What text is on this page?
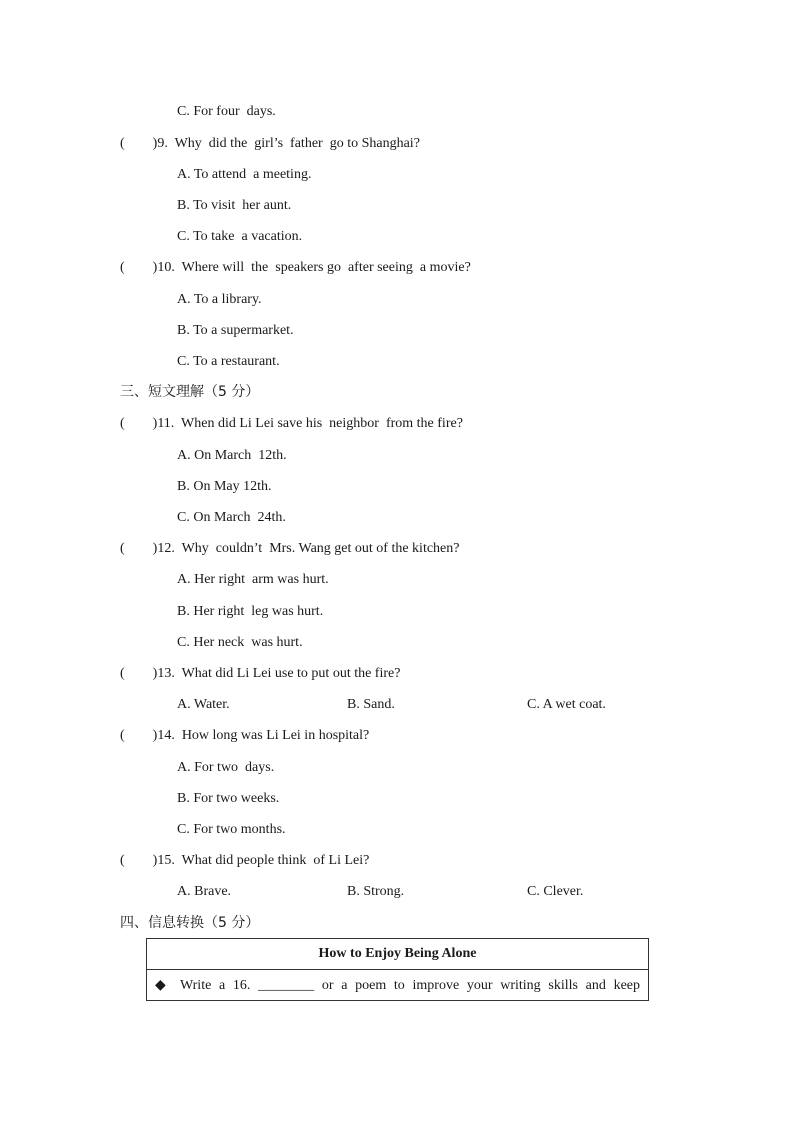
C. For four  days.
(        )9.  Why  did the  girl’s  father  go to Shanghai?
A. To attend  a meeting.
B. To visit  her aunt.
C. To take  a vacation.
(        )10.  Where will  the  speakers go  after seeing  a movie?
A. To a library.
B. To a supermarket.
C. To a restaurant.
三、短文理解（5 分）
(        )11.  When did Li Lei save his  neighbor  from the fire?
A. On March  12th.
B. On May 12th.
C. On March  24th.
(        )12.  Why  couldn’t  Mrs. Wang get out of the kitchen?
A. Her right  arm was hurt.
B. Her right  leg was hurt.
C. Her neck  was hurt.
(        )13.  What did Li Lei use to put out the fire?
A. Water.	B. Sand.	C. A wet coat.
(        )14.  How long was Li Lei in hospital?
A. For two  days.
B. For two weeks.
C. For two months.
(        )15.  What did people think  of Li Lei?
A. Brave.	B. Strong.	C. Clever.
四、信息转换（5 分）
How to Enjoy Being Alone
◆ Write a 16. ________ or a poem to improve your writing skills and keep
